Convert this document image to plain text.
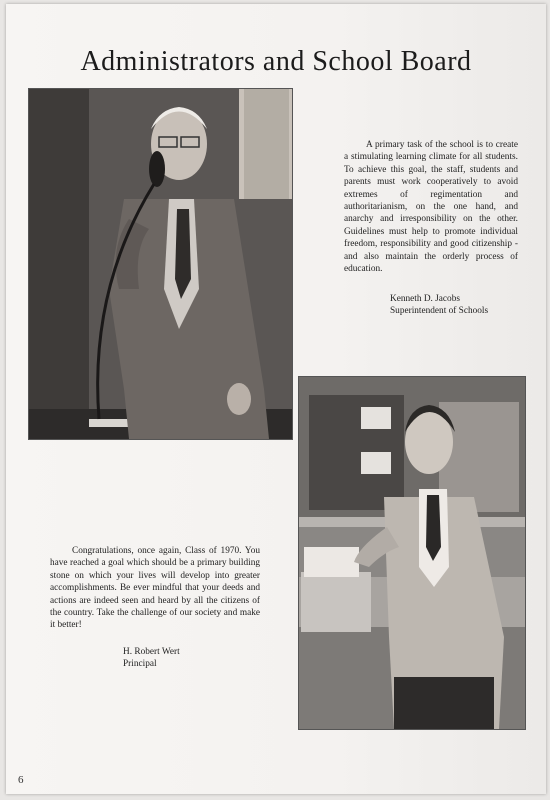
Administrators and School Board
A primary task of the school is to create a stimulating learning climate for all students. To achieve this goal, the staff, students and parents must work cooperatively to avoid extremes of regimentation and authoritarianism, on the one hand, and anarchy and irresponsibility on the other. Guidelines must help to promote individual freedom, responsibility and good citizenship - and also maintain the orderly process of education.
Kenneth D. Jacobs
Superintendent of Schools
Congratulations, once again, Class of 1970. You have reached a goal which should be a primary building stone on which your lives will develop into greater accomplishments. Be ever mindful that your deeds and actions are indeed seen and heard by all the citizens of the country. Take the challenge of our society and make it better!
H. Robert Wert
Principal
6
